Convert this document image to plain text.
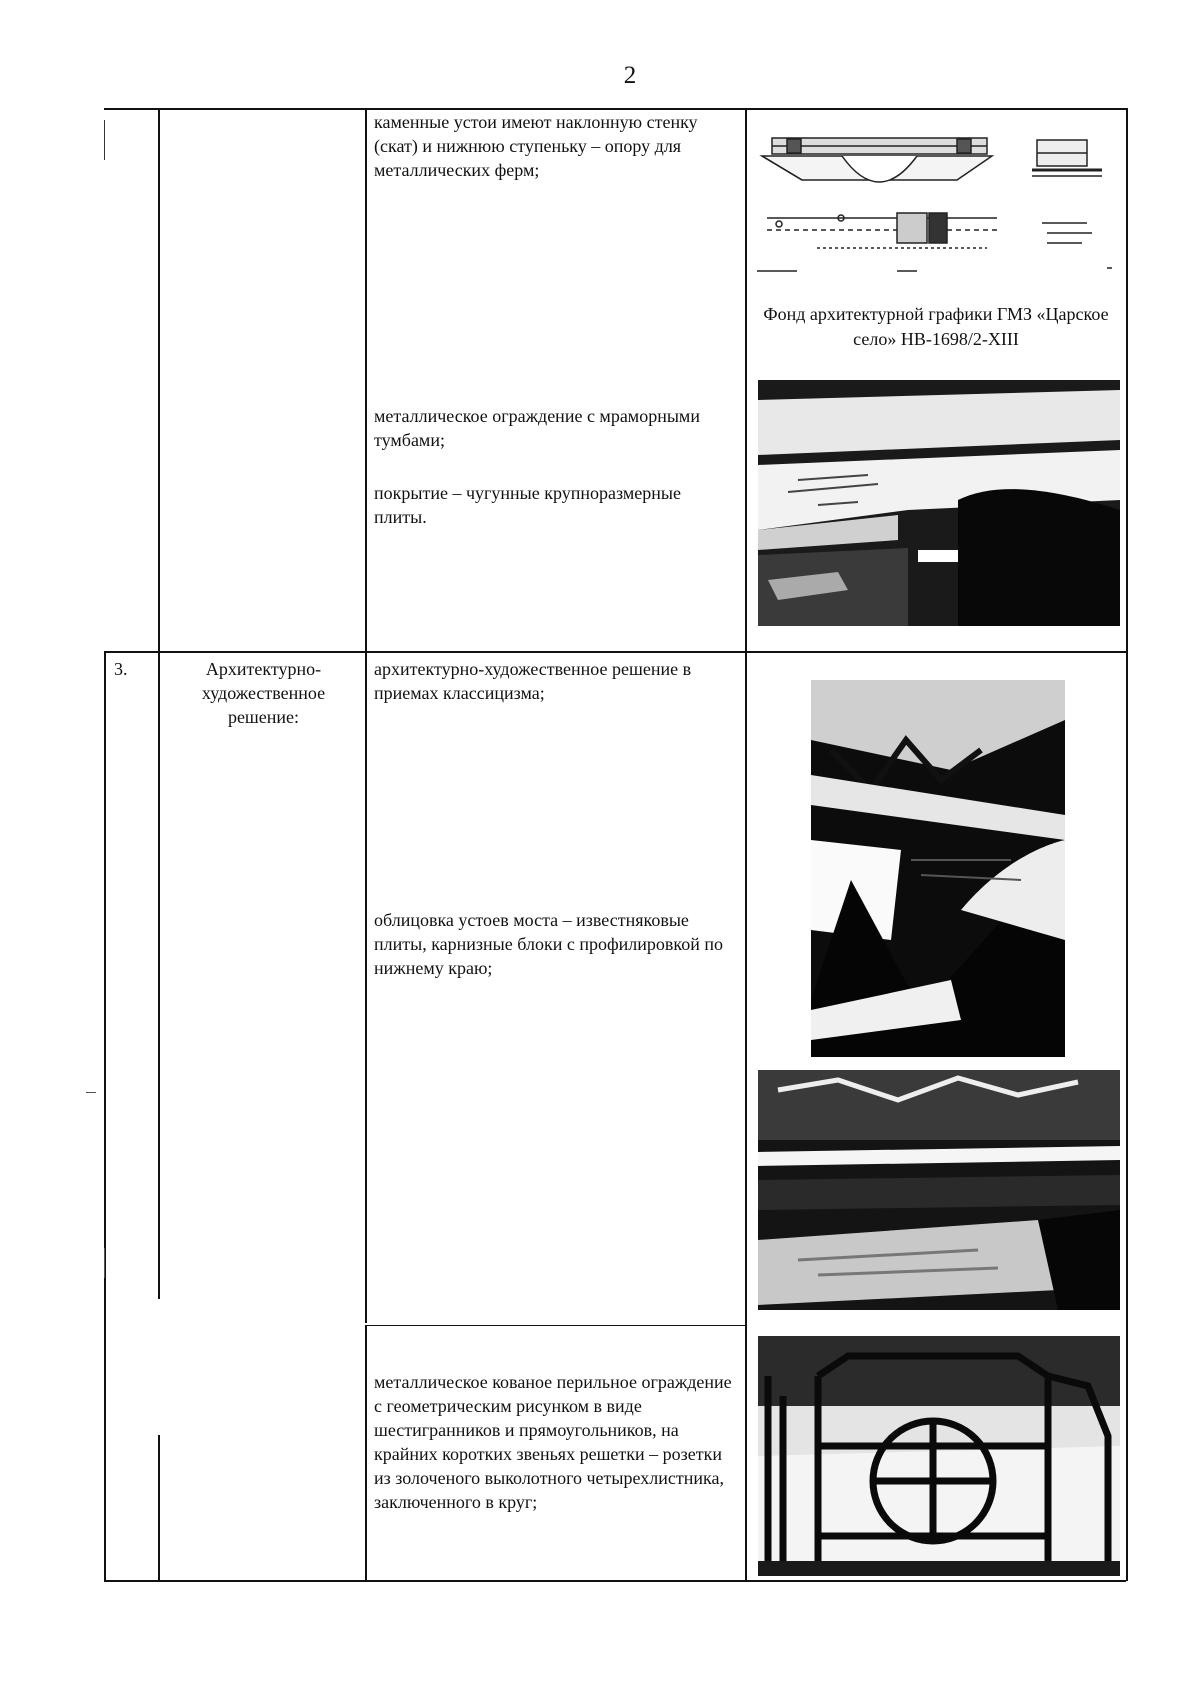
2
каменные устои имеют наклонную стенку (скат) и нижнюю ступеньку – опору для металлических ферм;
Фонд архитектурной графики ГМЗ «Царское село» НВ-1698/2-XIII
металлическое ограждение с мраморными тумбами;
покрытие – чугунные крупноразмерные плиты.
3.	Архитектурно-художественное решение:
архитектурно-художественное решение в приемах классицизма;
облицовка устоев моста – известняковые плиты, карнизные блоки с профилировкой по нижнему краю;
металлическое кованое перильное ограждение с геометрическим рисунком в виде шестигранников и прямоугольников, на крайних коротких звеньях решетки – розетки из золоченого выколотного четырехлистника, заключенного в круг;
